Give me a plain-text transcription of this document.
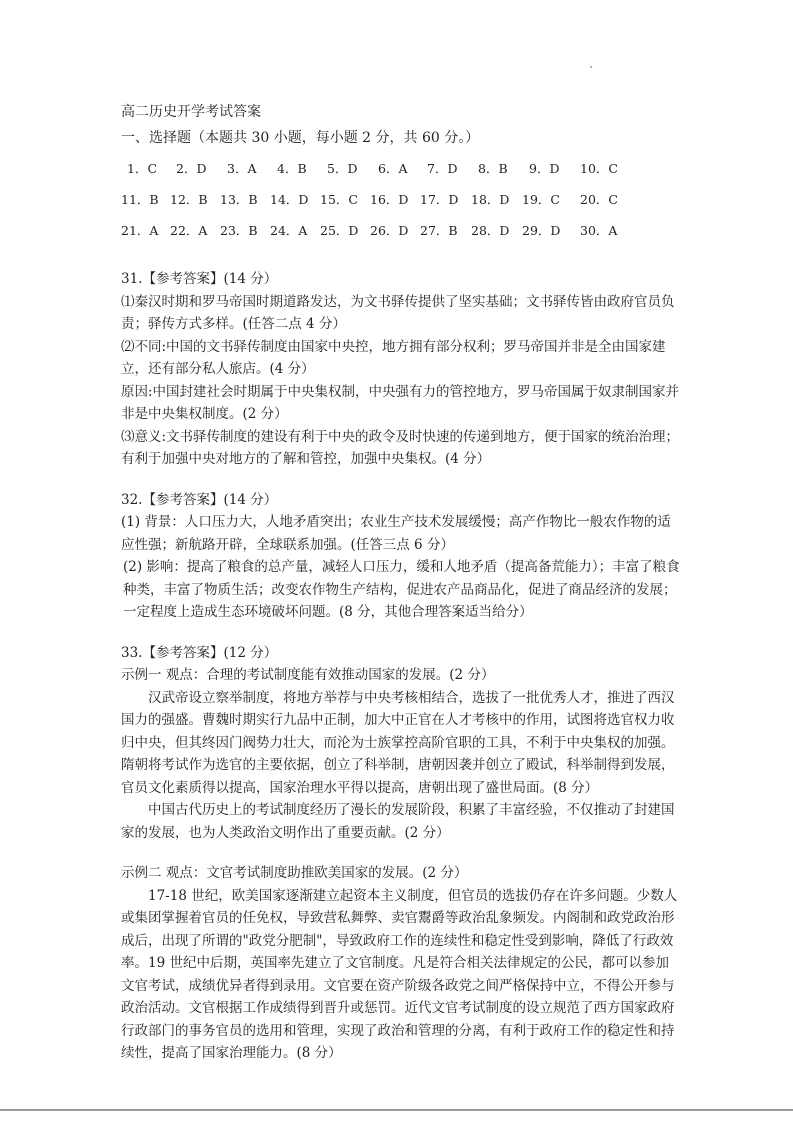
高二历史开学考试答案

一、选择题（本题共 30 小题，每小题 2 分，共 60 分。）

1．C 2．D 3．A 4．B 5．D 6．A 7．D 8．B 9．D 10．C
11．B 12．B 13．B 14．D 15．C 16．D 17．D 18．D 19．C 20．C
21．A 22．A 23．B 24．A 25．D 26．D 27．B 28．D 29．D 30．A

31.【参考答案】(14 分）

⑴秦汉时期和罗马帝国时期道路发达，为文书驿传提供了坚实基础；文书驿传皆由政府官员负责；驿传方式多样。(任答二点 4 分）

⑵不同:中国的文书驿传制度由国家中央控，地方拥有部分权利；罗马帝国并非是全由国家建立，还有部分私人旅店。(4 分）

原因:中国封建社会时期属于中央集权制，中央强有力的管控地方，罗马帝国属于奴隶制国家并非是中央集权制度。(2 分）

⑶意义:文书驿传制度的建设有利于中央的政令及时快速的传递到地方，便于国家的统治治理；有利于加强中央对地方的了解和管控，加强中央集权。(4 分）

32.【参考答案】(14 分）

(1) 背景：人口压力大，人地矛盾突出；农业生产技术发展缓慢；高产作物比一般农作物的适应性强；新航路开辟，全球联系加强。(任答三点 6 分）

(2) 影响：提高了粮食的总产量，减轻人口压力，缓和人地矛盾（提高备荒能力）；丰富了粮食种类，丰富了物质生活；改变农作物生产结构，促进农产品商品化，促进了商品经济的发展；一定程度上造成生态环境破坏问题。(8 分，其他合理答案适当给分）

33.【参考答案】(12 分）

示例一 观点：合理的考试制度能有效推动国家的发展。(2 分）

汉武帝设立察举制度，将地方举荐与中央考核相结合，选拔了一批优秀人才，推进了西汉国力的强盛。曹魏时期实行九品中正制，加大中正官在人才考核中的作用，试图将选官权力收归中央，但其终因门阀势力壮大，而沦为士族掌控高阶官职的工具，不利于中央集权的加强。隋朝将考试作为选官的主要依据，创立了科举制，唐朝因袭并创立了殿试，科举制得到发展，官员文化素质得以提高，国家治理水平得以提高，唐朝出现了盛世局面。(8 分）

中国古代历史上的考试制度经历了漫长的发展阶段，积累了丰富经验，不仅推动了封建国家的发展，也为人类政治文明作出了重要贡献。(2 分）

示例二 观点：文官考试制度助推欧美国家的发展。(2 分）

17-18 世纪，欧美国家逐渐建立起资本主义制度，但官员的选拔仍存在许多问题。少数人或集团掌握着官员的任免权，导致营私舞弊、卖官鬻爵等政治乱象频发。内阁制和政党政治形成后，出现了所谓的"政党分肥制"，导致政府工作的连续性和稳定性受到影响，降低了行政效率。19 世纪中后期，英国率先建立了文官制度。凡是符合相关法律规定的公民，都可以参加文官考试，成绩优异者得到录用。文官要在资产阶级各政党之间严格保持中立，不得公开参与政治活动。文官根据工作成绩得到晋升或惩罚。近代文官考试制度的设立规范了西方国家政府行政部门的事务官员的选用和管理，实现了政治和管理的分离，有利于政府工作的稳定性和持续性，提高了国家治理能力。(8 分）
